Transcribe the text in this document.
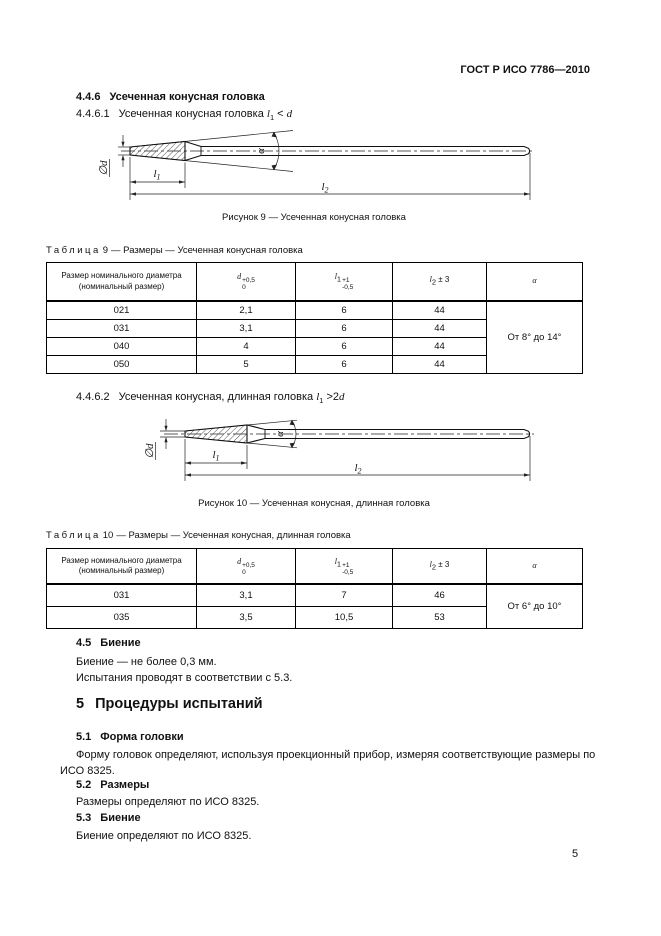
ГОСТ Р ИСО 7786—2010
4.4.6 Усеченная конусная головка
4.4.6.1 Усеченная конусная головка $l_1 < d$
α
∅d	$l_1$
$l_2$
Рисунок 9 — Усеченная конусная головка
Таблица 9 — Размеры — Усеченная конусная головка
Размер номинального диаметра
(номинальный размер)
	d +0,5
0
	$l_1 +1$
-0,5
	$l_2 \pm 3$	α
021	2,1	6	44	От 8° до 14°
031	3,1	6	44	
040	4	6	44	
050	5	6	44	
4.4.6.2 Усеченная конусная, длинная головка $l_1 >2d$
α
∅d	$l_1$
$l_2$
Рисунок 10 — Усеченная конусная, длинная головка
Таблица 10 — Размеры — Усеченная конусная, длинная головка
Размер номинального диаметра
(номинальный размер)
	d +0,5
0
	$l_1 +1$
-0,5
	$l_2 \pm 3$	α
031	3,1	7	46	От 6° до 10°
035	3,5	10,5	53	
4.5 Биение
Биение — не более 0,3 мм.
Испытания проводят в соответствии с 5.3.
5 Процедуры испытаний
5.1 Форма головки
Форму головок определяют, используя проекционный прибор, измеряя соответствующие размеры по ИСО 8325.
5.2 Размеры
Размеры определяют по ИСО 8325.
5.3 Биение
Биение определяют по ИСО 8325.
5
